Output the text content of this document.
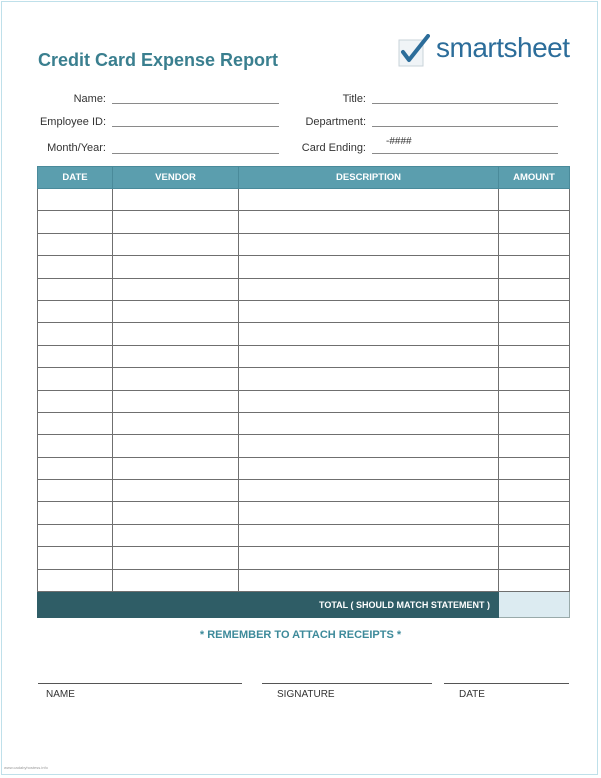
Credit Card Expense Report	smartsheet
Name:
Employee ID:
Month/Year:
Title:
Department:
Card Ending:
-####
DATE	VENDOR	DESCRIPTION	AMOUNT

TOTAL ( SHOULD MATCH STATEMENT )			
* REMEMBER TO ATTACH RECEIPTS *
NAME	SIGNATURE	DATE
www.cadabyhostess.info
